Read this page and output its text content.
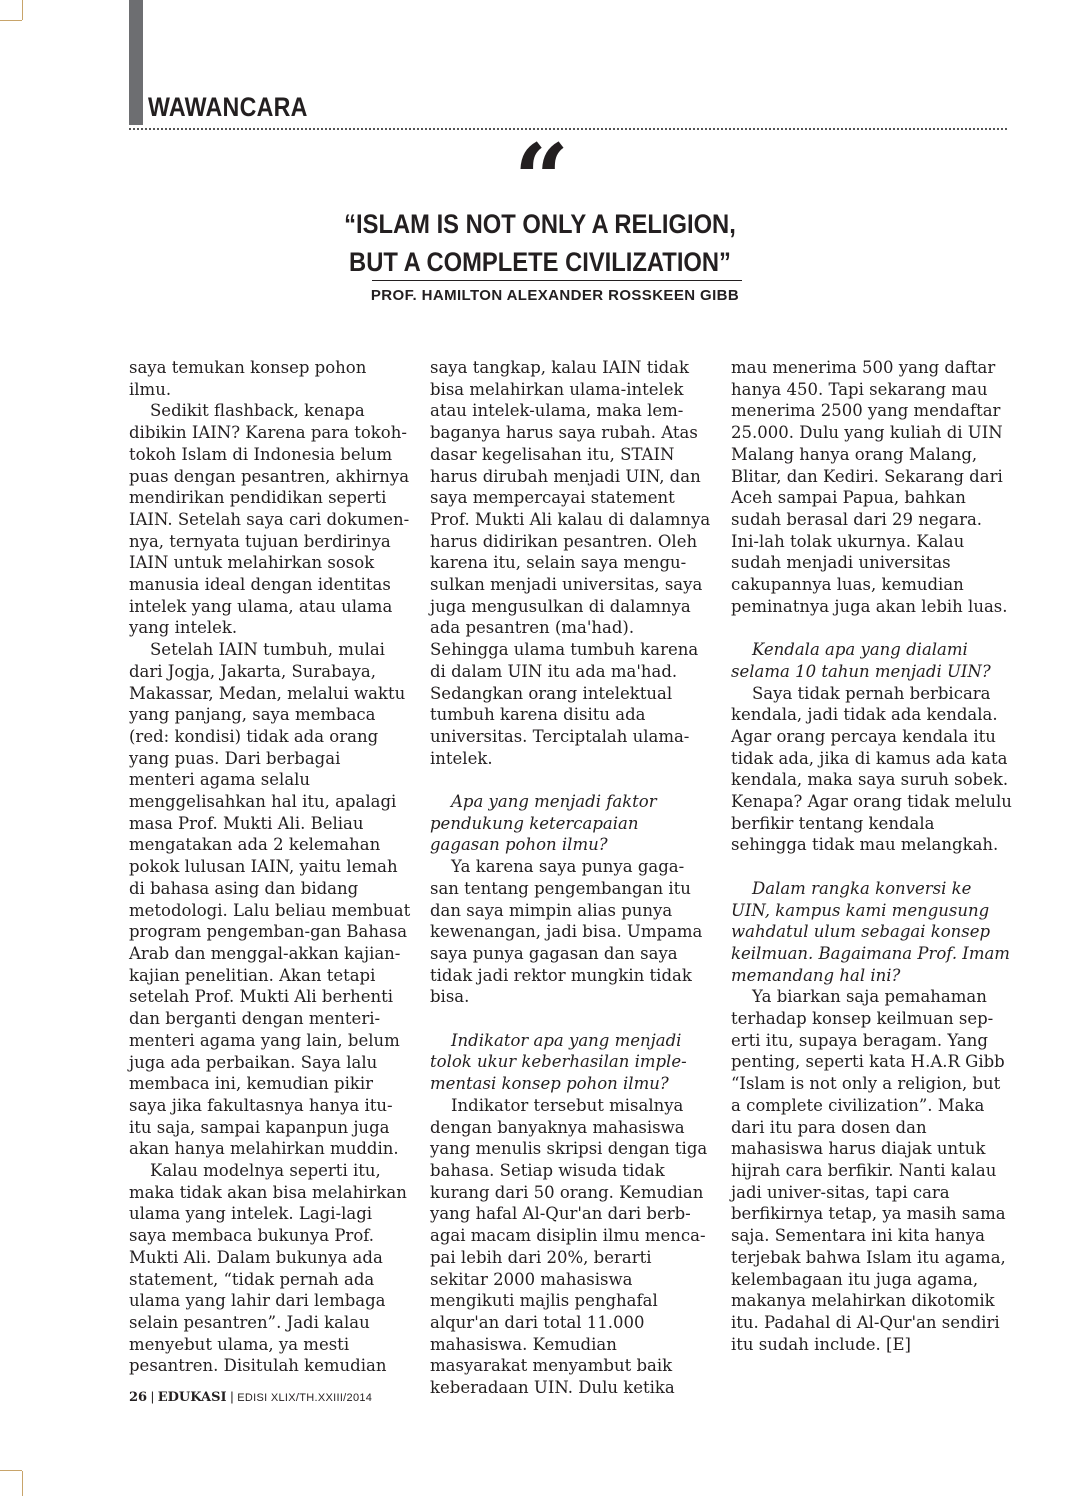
WAWANCARA
“
“ISLAM IS NOT ONLY A RELIGION,
BUT A COMPLETE CIVILIZATION”
PROF. HAMILTON ALEXANDER ROSSKEEN GIBB

saya temukan konsep pohon ilmu.

Sedikit flashback, kenapa dibikin IAIN? Karena para tokoh-tokoh Islam di Indonesia belum puas dengan pesantren, akhirnya mendirikan pendidikan seperti IAIN. Setelah saya cari dokumen-nya, ternyata tujuan berdirinya IAIN untuk melahirkan sosok manusia ideal dengan identitas intelek yang ulama, atau ulama yang intelek.

Setelah IAIN tumbuh, mulai dari Jogja, Jakarta, Surabaya, Makassar, Medan, melalui waktu yang panjang, saya membaca (red: kondisi) tidak ada orang yang puas. Dari berbagai menteri agama selalu menggelisahkan hal itu, apalagi masa Prof. Mukti Ali. Beliau mengatakan ada 2 kelemahan pokok lulusan IAIN, yaitu lemah di bahasa asing dan bidang metodologi. Lalu beliau membuat program pengemban-gan Bahasa Arab dan menggal-akkan kajian-kajian penelitian. Akan tetapi setelah Prof. Mukti Ali berhenti dan berganti dengan menteri-menteri agama yang lain, belum juga ada perbaikan. Saya lalu membaca ini, kemudian pikir saya jika fakultasnya hanya itu-itu saja, sampai kapanpun juga akan hanya melahirkan muddin.

Kalau modelnya seperti itu, maka tidak akan bisa melahirkan ulama yang intelek. Lagi-lagi saya membaca bukunya Prof. Mukti Ali. Dalam bukunya ada statement, “tidak pernah ada ulama yang lahir dari lembaga selain pesantren”. Jadi kalau menyebut ulama, ya mesti pesantren. Disitulah kemudian

saya tangkap, kalau IAIN tidak bisa melahirkan ulama-intelek atau intelek-ulama, maka lem-baganya harus saya rubah. Atas dasar kegelisahan itu, STAIN harus dirubah menjadi UIN, dan saya mempercayai statement Prof. Mukti Ali kalau di dalamnya harus didirikan pesantren. Oleh karena itu, selain saya mengu-sulkan menjadi universitas, saya juga mengusulkan di dalamnya ada pesantren (ma'had). Sehingga ulama tumbuh karena di dalam UIN itu ada ma'had. Sedangkan orang intelektual tumbuh karena disitu ada universitas. Terciptalah ulama-intelek.

Apa yang menjadi faktor pendukung ketercapaian gagasan pohon ilmu?

Ya karena saya punya gaga-san tentang pengembangan itu dan saya mimpin alias punya kewenangan, jadi bisa. Umpama saya punya gagasan dan saya tidak jadi rektor mungkin tidak bisa.

Indikator apa yang menjadi tolok ukur keberhasilan imple-mentasi konsep pohon ilmu?

Indikator tersebut misalnya dengan banyaknya mahasiswa yang menulis skripsi dengan tiga bahasa. Setiap wisuda tidak kurang dari 50 orang. Kemudian yang hafal Al-Qur'an dari berb-agai macam disiplin ilmu menca-pai lebih dari 20%, berarti sekitar 2000 mahasiswa mengikuti majlis penghafal alqur'an dari total 11.000 mahasiswa. Kemudian masyarakat menyambut baik keberadaan UIN. Dulu ketika

mau menerima 500 yang daftar hanya 450. Tapi sekarang mau menerima 2500 yang mendaftar 25.000. Dulu yang kuliah di UIN Malang hanya orang Malang, Blitar, dan Kediri. Sekarang dari Aceh sampai Papua, bahkan sudah berasal dari 29 negara. Ini-lah tolak ukurnya. Kalau sudah menjadi universitas cakupannya luas, kemudian peminatnya juga akan lebih luas.

Kendala apa yang dialami selama 10 tahun menjadi UIN?

Saya tidak pernah berbicara kendala, jadi tidak ada kendala. Agar orang percaya kendala itu tidak ada, jika di kamus ada kata kendala, maka saya suruh sobek. Kenapa? Agar orang tidak melulu berfikir tentang kendala sehingga tidak mau melangkah.

Dalam rangka konversi ke UIN, kampus kami mengusung wahdatul ulum sebagai konsep keilmuan. Bagaimana Prof. Imam memandang hal ini?

Ya biarkan saja pemahaman terhadap konsep keilmuan sep-erti itu, supaya beragam. Yang penting, seperti kata H.A.R Gibb “Islam is not only a religion, but a complete civilization”. Maka dari itu para dosen dan mahasiswa harus diajak untuk hijrah cara berfikir. Nanti kalau jadi univer-sitas, tapi cara berfikirnya tetap, ya masih sama saja. Sementara ini kita hanya terjebak bahwa Islam itu agama, kelembagaan itu juga agama, makanya melahirkan dikotomik itu. Padahal di Al-Qur'an sendiri itu sudah include. [E]

26 | EDUKASI | EDISI XLIX/TH.XXIII/2014
